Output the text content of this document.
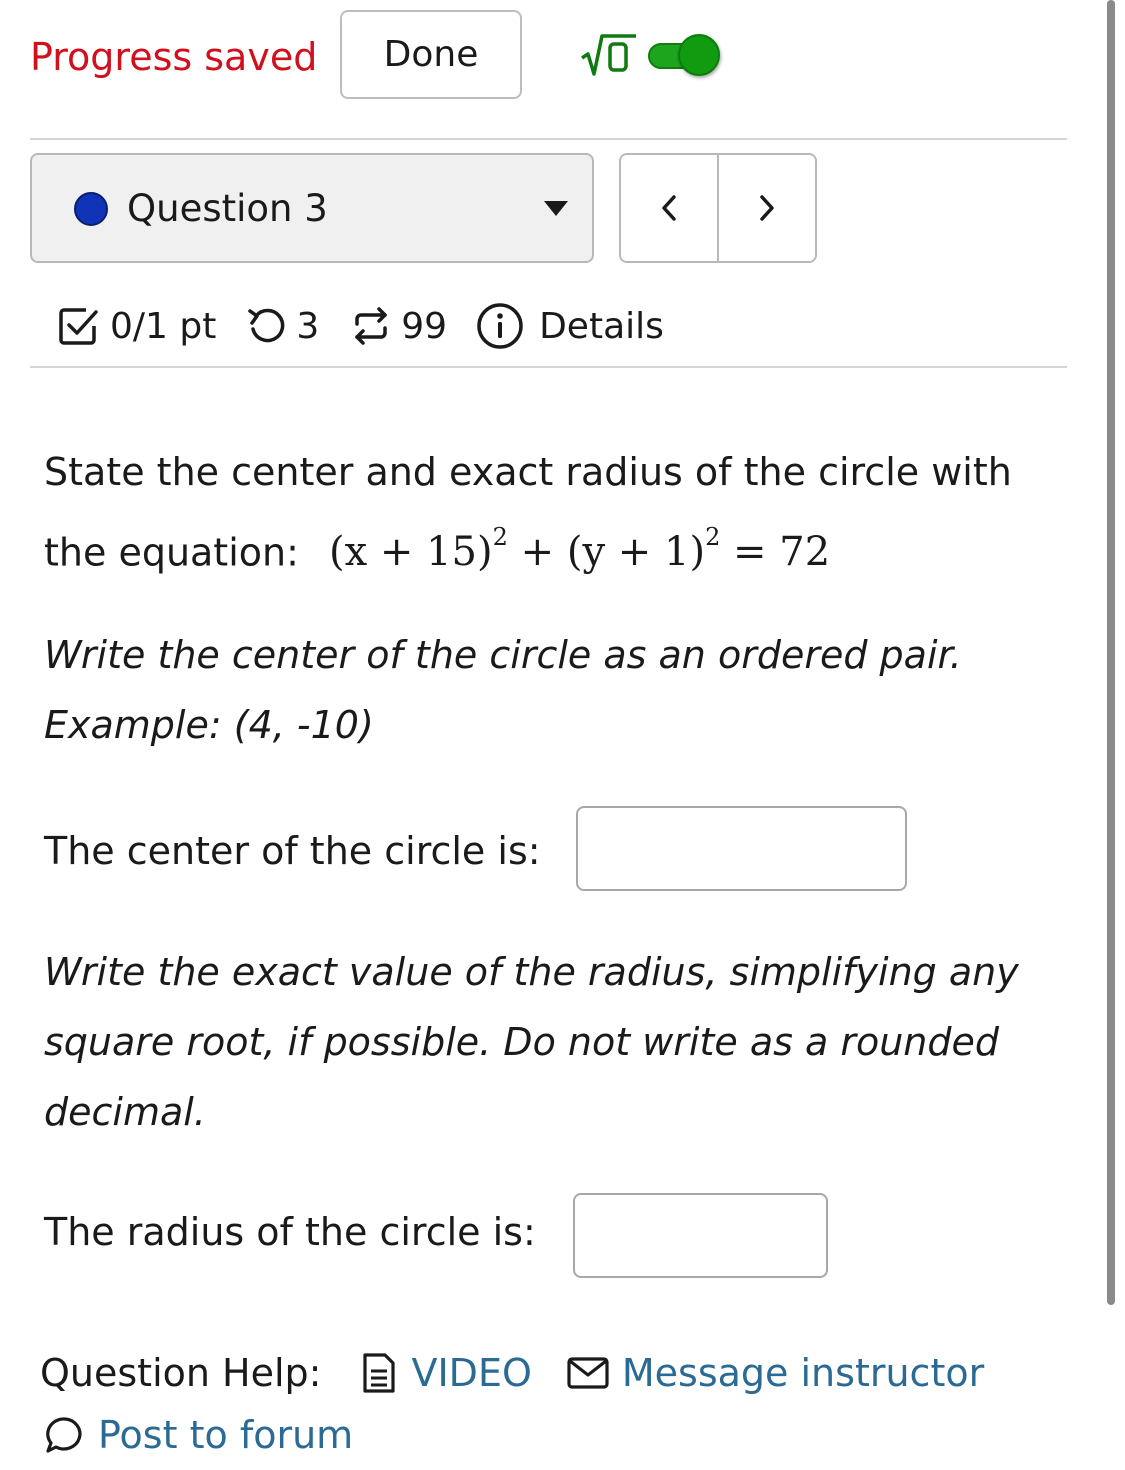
Progress saved	Done
Question 3
0/1 pt 3 99	Details
State the center and exact radius of the circle with
the equation: $(x + 15)^2 + (y + 1)^2 = 72$
Write the center of the circle as an ordered pair.
Example: (4, -10)
The center of the circle is:
Write the exact value of the radius, simplifying any
square root, if possible. Do not write as a rounded
decimal.
The radius of the circle is:
Question Help: VIDEO Message instructor
Post to forum
